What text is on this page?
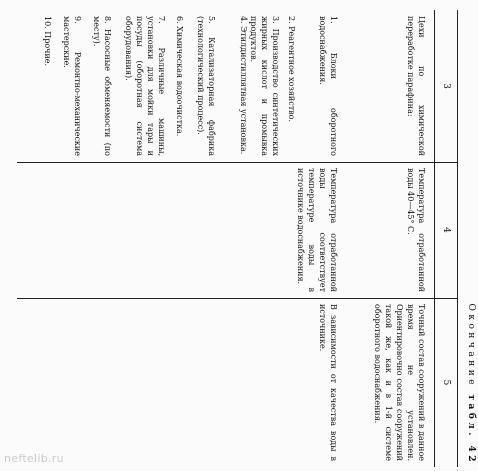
Окончание табл. 42
3
4
5

Цехи по химической переработке парафина:

Температура отработанной воды 40—45° С.

Точный состав сооружений в данное время не установлен. Ориентировочно состав сооружений такой же, как и в 1-й системе оборотного водоснабжения.

1. Блоки оборотного водоснабжения.

Температура отработанной воды соответствует температуре воды в источнике водоснабжения.

В зависимости от качества воды в источнике.

2. Реагентное хозяйство.

3. Производство синтетических жирных кислот и промывка продуктов.

4. Этилдистиллятная установка.

5. Катализаторная фабрика (технологический процесс).

6. Химическая водоочистка.

7. Различные машины, установки для мойки тары и посуды (оборотная система оборудования).

8. Насосные обменяемости (по месту).

9. Ремонтно-механические мастерские.

10. Прочие.

neftelib.ru
